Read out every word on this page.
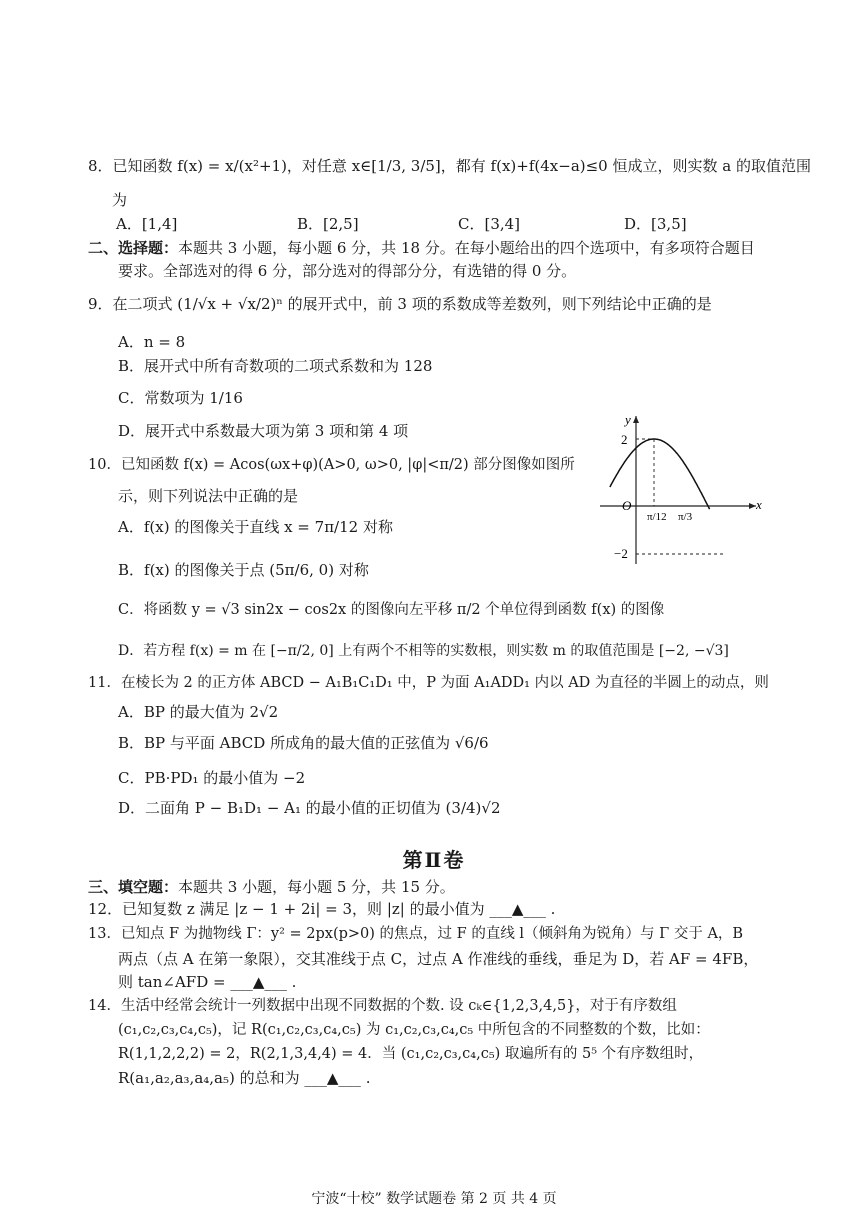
8．已知函数 f(x) = x/(x²+1)，对任意 x∈[1/3, 3/5]，都有 f(x)+f(4x−a)≤0 恒成立，则实数 a 的取值范围
为
A．[1,4]	B．[2,5]	C．[3,4]	D．[3,5]
二、选择题：本题共 3 小题，每小题 6 分，共 18 分。在每小题给出的四个选项中，有多项符合题目
要求。全部选对的得 6 分，部分选对的得部分分，有选错的得 0 分。
9．在二项式 (1/√x + √x/2)ⁿ 的展开式中，前 3 项的系数成等差数列，则下列结论中正确的是
A．n = 8
B．展开式中所有奇数项的二项式系数和为 128
C．常数项为 1/16
D．展开式中系数最大项为第 3 项和第 4 项
10．已知函数 f(x) = Acos(ωx+φ)(A>0, ω>0, |φ|<π/2) 部分图像如图所
示，则下列说法中正确的是
A．f(x) 的图像关于直线 x = 7π/12 对称
B．f(x) 的图像关于点 (5π/6, 0) 对称
C．将函数 y = √3 sin2x − cos2x 的图像向左平移 π/2 个单位得到函数 f(x) 的图像
D．若方程 f(x) = m 在 [−π/2, 0] 上有两个不相等的实数根，则实数 m 的取值范围是 [−2, −√3]
y
x
O
2
−2
π/12 π/3
11．在棱长为 2 的正方体 ABCD − A₁B₁C₁D₁ 中，P 为面 A₁ADD₁ 内以 AD 为直径的半圆上的动点，则
A．BP 的最大值为 2√2
B．BP 与平面 ABCD 所成角的最大值的正弦值为 √6/6
C．PB·PD₁ 的最小值为 −2
D．二面角 P − B₁D₁ − A₁ 的最小值的正切值为 (3/4)√2
第Ⅱ卷
三、填空题：本题共 3 小题，每小题 5 分，共 15 分。
12．已知复数 z 满足 |z − 1 + 2i| = 3，则 |z| 的最小值为 ___▲___ .
13．已知点 F 为抛物线 Γ：y² = 2px(p>0) 的焦点，过 F 的直线 l（倾斜角为锐角）与 Γ 交于 A，B
两点（点 A 在第一象限），交其准线于点 C，过点 A 作准线的垂线，垂足为 D，若 AF = 4FB，
则 tan∠AFD = ___▲___ .
14．生活中经常会统计一列数据中出现不同数据的个数. 设 cₖ∈{1,2,3,4,5}，对于有序数组
(c₁,c₂,c₃,c₄,c₅)，记 R(c₁,c₂,c₃,c₄,c₅) 为 c₁,c₂,c₃,c₄,c₅ 中所包含的不同整数的个数，比如：
R(1,1,2,2,2) = 2，R(2,1,3,4,4) = 4．当 (c₁,c₂,c₃,c₄,c₅) 取遍所有的 5⁵ 个有序数组时，
R(a₁,a₂,a₃,a₄,a₅) 的总和为 ___▲___ .
宁波“十校” 数学试题卷 第 2 页 共 4 页
